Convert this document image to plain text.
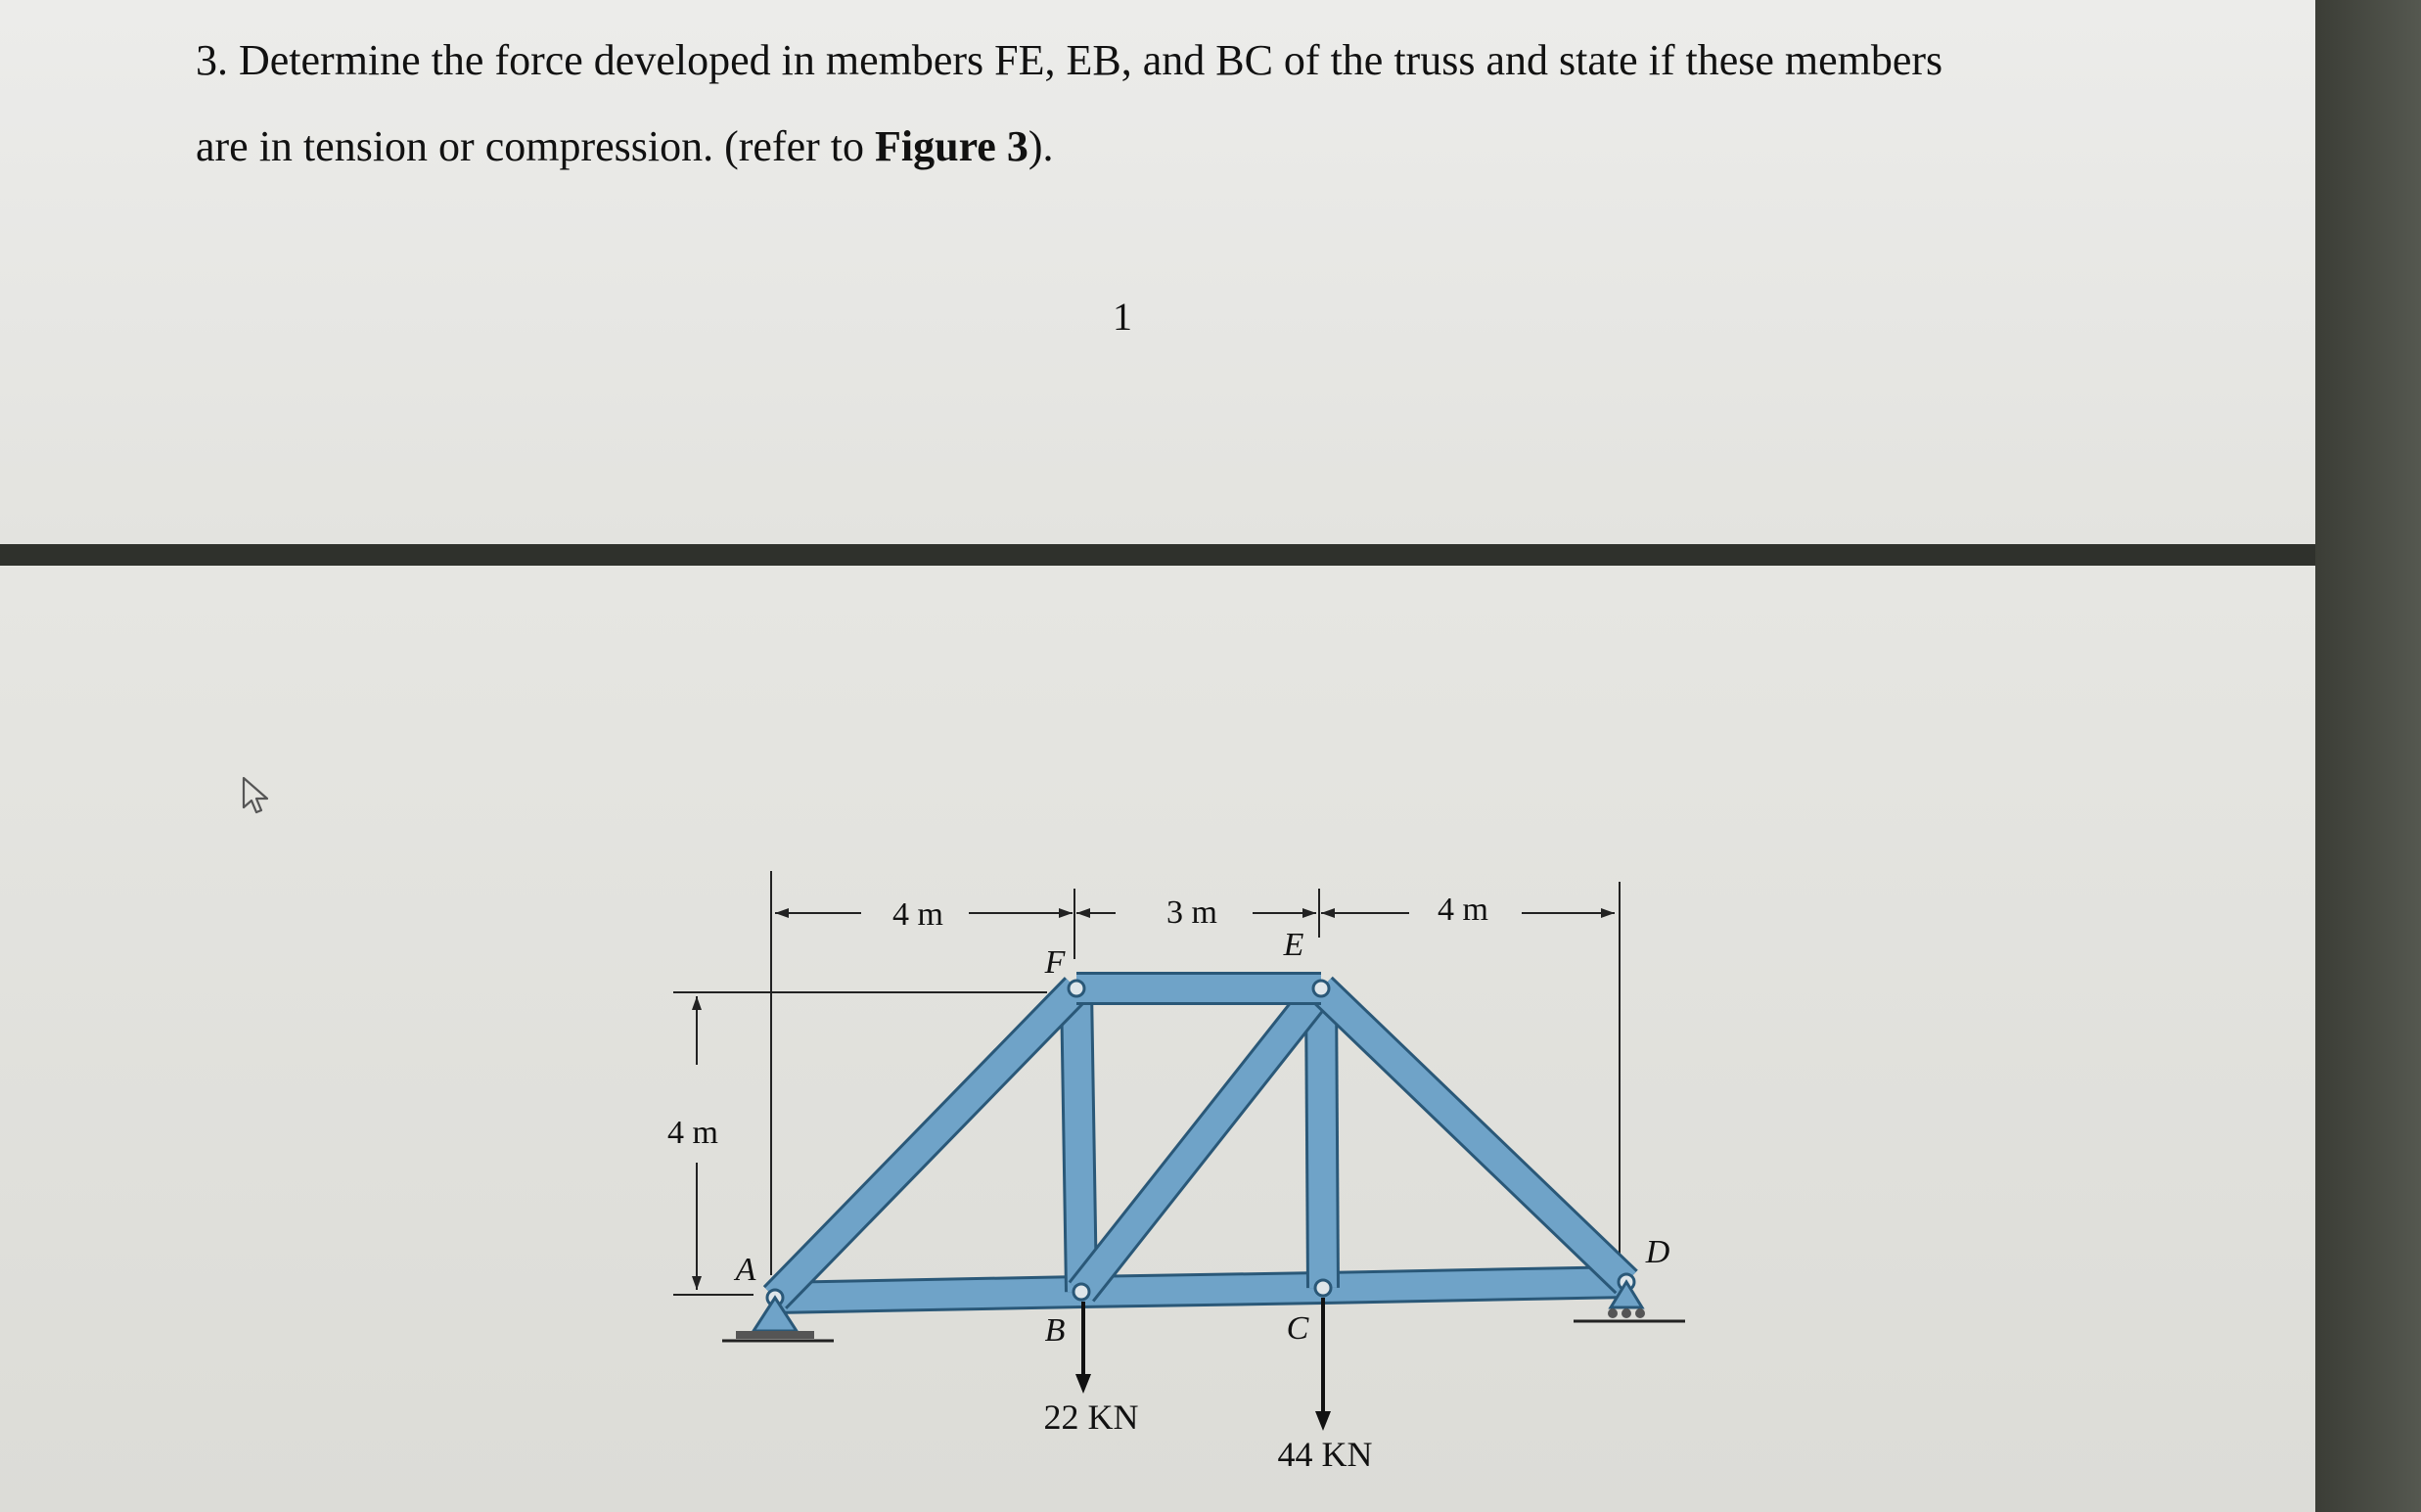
3. Determine the force developed in members FE, EB, and BC of the truss and state if these members are in tension or compression. (refer to Figure 3).
1
4 m	3 m	4 m
4 m
F	E
A
B	C
D
22 KN
44 KN
